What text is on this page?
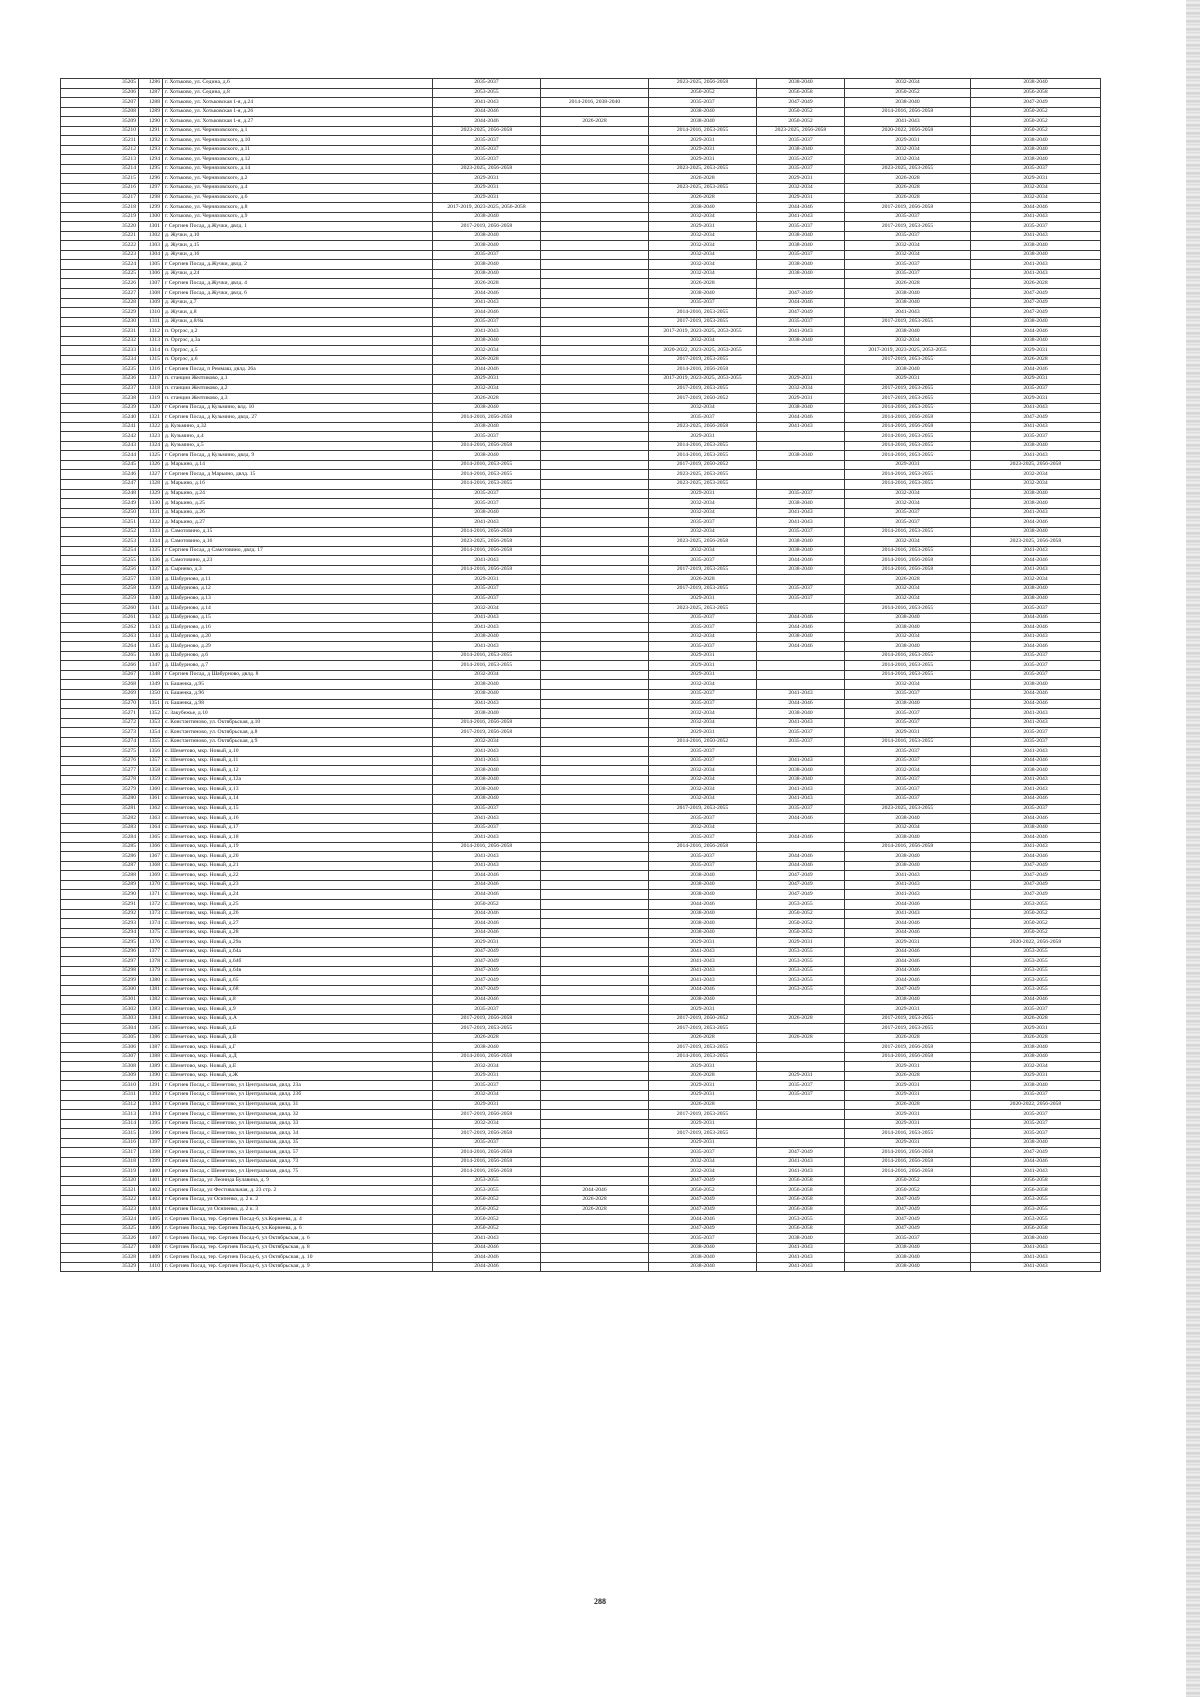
35205	1286	г. Хотьково, ул. Седина, д.6	2035-2037		2023-2025, 2056-2058	2038-2040	2032-2034	2038-2040
35206	1287	г. Хотьково, ул. Седина, д.8	2053-2055		2050-2052	2056-2058	2050-2052	2056-2058
35207	1288	г. Хотьково, ул. Хотьковская 1-я, д.24	2041-2043	2014-2016, 2038-2040	2035-2037	2047-2049	2038-2040	2047-2049
35208	1289	г. Хотьково, ул. Хотьковская 1-я, д.26	2044-2046		2038-2040	2050-2052	2014-2016, 2056-2058	2050-2052
35209	1290	г. Хотьково, ул. Хотьковская 1-я, д.27	2044-2046	2026-2028	2038-2040	2050-2052	2041-2043	2050-2052
35210	1291	г. Хотьково, ул. Черняховского, д.1	2023-2025, 2056-2058		2014-2016, 2053-2055	2023-2025, 2056-2058	2020-2022, 2056-2058	2050-2052
35211	1292	г. Хотьково, ул. Черняховского, д.10	2035-2037		2029-2031	2035-2037	2029-2031	2038-2040
35212	1293	г. Хотьково, ул. Черняховского, д.11	2035-2037		2029-2031	2038-2040	2032-2034	2038-2040
35213	1294	г. Хотьково, ул. Черняховского, д.12	2035-2037		2029-2031	2035-2037	2032-2034	2038-2040
35214	1295	г. Хотьково, ул. Черняховского, д.14	2023-2025, 2056-2058		2023-2025, 2053-2055	2035-2037	2023-2025, 2053-2055	2035-2037
35215	1296	г. Хотьково, ул. Черняховского, д.2	2029-2031		2026-2028	2029-2031	2026-2028	2029-2031
35216	1297	г. Хотьково, ул. Черняховского, д.4	2029-2031		2023-2025, 2053-2055	2032-2034	2026-2028	2032-2034
35217	1298	г. Хотьково, ул. Черняховского, д.6	2029-2031		2026-2028	2029-2031	2026-2028	2032-2034
35218	1299	г. Хотьково, ул. Черняховского, д.8	2017-2019, 2023-2025, 2056-2058		2038-2040	2044-2046	2017-2019, 2056-2058	2044-2046
35219	1300	г. Хотьково, ул. Черняховского, д.9	2038-2040		2032-2034	2041-2043	2035-2037	2041-2043
35220	1301	г Сергиев Посад, д.Жучки, двлд. 1	2017-2019, 2056-2058		2029-2031	2035-2037	2017-2019, 2053-2055	2035-2037
35221	1302	д. Жучки, д.10	2038-2040		2032-2034	2038-2040	2035-2037	2041-2043
35222	1303	д. Жучки, д.15	2038-2040		2032-2034	2038-2040	2032-2034	2038-2040
35223	1304	д. Жучки, д.16	2035-2037		2032-2034	2035-2037	2032-2034	2038-2040
35224	1305	г Сергиев Посад, д.Жучки, двлд. 2	2038-2040		2032-2034	2038-2040	2035-2037	2041-2043
35225	1306	д. Жучки, д.24	2038-2040		2032-2034	2038-2040	2035-2037	2041-2043
35226	1307	г Сергиев Посад, д.Жучки, двлд. 4	2026-2028		2026-2028		2026-2028	2026-2028
35227	1308	г Сергиев Посад, д.Жучки, двлд. 6	2044-2046		2038-2040	2047-2049	2038-2040	2047-2049
35228	1309	д. Жучки, д.7	2041-2043		2035-2037	2044-2046	2038-2040	2047-2049
35229	1310	д. Жучки, д.8	2044-2046		2014-2016, 2053-2055	2047-2049	2041-2043	2047-2049
35230	1311	д. Жучки, д.8/8а	2035-2037		2017-2019, 2053-2055	2035-2037	2017-2019, 2053-2055	2038-2040
35231	1312	п. Оргрэс, д.2	2041-2043		2017-2019, 2023-2025, 2053-2055	2041-2043	2038-2040	2044-2046
35232	1313	п. Оргрэс, д.3а	2038-2040		2032-2034	2038-2040	2032-2034	2038-2040
35233	1314	п. Оргрэс, д.5	2032-2034		2020-2022, 2023-2025, 2053-2055		2017-2019, 2023-2025, 2053-2055	2029-2031
35234	1315	п. Оргрэс, д.6	2026-2028		2017-2019, 2053-2055		2017-2019, 2053-2055	2026-2028
35235	1316	г Сергиев Посад, п Реммаш, двлд. 26а	2044-2046		2014-2016, 2056-2058		2038-2040	2044-2046
35236	1317	п. станции Желтиково, д.1	2029-2031		2017-2019, 2023-2025, 2053-2055	2029-2031	2029-2031	2029-2031
35237	1318	п. станции Желтиково, д.2	2032-2034		2017-2019, 2053-2055	2032-2034	2017-2019, 2053-2055	2035-2037
35238	1319	п. станции Желтиково, д.3	2026-2028		2017-2019, 2050-2052	2029-2031	2017-2019, 2053-2055	2029-2031
35239	1320	г Сергиев Посад, д Кузьмино, влд. 10	2038-2040		2032-2034	2038-2040	2014-2016, 2053-2055	2041-2043
35240	1321	г Сергиев Посад, д Кузьмино, двлд. 27	2014-2016, 2056-2058		2035-2037	2044-2046	2014-2016, 2056-2058	2047-2049
35241	1322	д. Кузьмино, д.32	2038-2040		2023-2025, 2056-2058	2041-2043	2014-2016, 2056-2058	2041-2043
35242	1323	д. Кузьмино, д.4	2035-2037		2029-2031		2014-2016, 2053-2055	2035-2037
35243	1324	д. Кузьмино, д.5	2014-2016, 2056-2058		2014-2016, 2053-2055		2014-2016, 2053-2055	2038-2040
35244	1325	г Сергиев Посад, д Кузьмино, двлд. 9	2038-2040		2014-2016, 2053-2055	2038-2040	2014-2016, 2053-2055	2041-2043
35245	1326	д. Марьино, д.14	2014-2016, 2053-2055		2017-2019, 2050-2052		2029-2031	2023-2025, 2056-2058
35246	1327	г Сергиев Посад, д Марьино, двлд. 15	2014-2016, 2053-2055		2023-2025, 2053-2055		2014-2016, 2053-2055	2032-2034
35247	1328	д. Марьино, д.16	2014-2016, 2053-2055		2023-2025, 2053-2055		2014-2016, 2053-2055	2032-2034
35248	1329	д. Марьино, д.24	2035-2037		2029-2031	2035-2037	2032-2034	2038-2040
35249	1330	д. Марьино, д.25	2035-2037		2032-2034	2038-2040	2032-2034	2038-2040
35250	1331	д. Марьино, д.26	2038-2040		2032-2034	2041-2043	2035-2037	2041-2043
35251	1332	д. Марьино, д.27	2041-2043		2035-2037	2041-2043	2035-2037	2044-2046
35252	1333	д. Самотовино, д.15	2014-2016, 2056-2058		2032-2034	2035-2037	2014-2016, 2053-2055	2038-2040
35253	1334	д. Самотовино, д.16	2023-2025, 2056-2058		2023-2025, 2056-2058	2038-2040	2032-2034	2023-2025, 2056-2058
35254	1335	г Сергиев Посад, д Самотовино, двлд. 17	2014-2016, 2056-2058		2032-2034	2038-2040	2014-2016, 2053-2055	2041-2043
35255	1336	д. Самотовино, д.23	2041-2043		2035-2037	2044-2046	2014-2016, 2056-2058	2044-2046
35256	1337	д. Сырнево, д.3	2014-2016, 2056-2058		2017-2019, 2053-2055	2038-2040	2014-2016, 2056-2058	2041-2043
35257	1338	д. Шабурново, д.11	2029-2031		2026-2028		2026-2028	2032-2034
35258	1339	д. Шабурново, д.12	2035-2037		2017-2019, 2053-2055	2035-2037	2032-2034	2038-2040
35259	1340	д. Шабурново, д.13	2035-2037		2029-2031	2035-2037	2032-2034	2038-2040
35260	1341	д. Шабурново, д.14	2032-2034		2023-2025, 2053-2055		2014-2016, 2053-2055	2035-2037
35261	1342	д. Шабурново, д.15	2041-2043		2035-2037	2044-2046	2038-2040	2044-2046
35262	1343	д. Шабурново, д.16	2041-2043		2035-2037	2044-2046	2038-2040	2044-2046
35263	1344	д. Шабурново, д.20	2038-2040		2032-2034	2038-2040	2032-2034	2041-2043
35264	1345	д. Шабурново, д.29	2041-2043		2035-2037	2044-2046	2038-2040	2044-2046
35265	1346	д. Шабурново, д.6	2014-2016, 2053-2055		2029-2031		2014-2016, 2053-2055	2035-2037
35266	1347	д. Шабурново, д.7	2014-2016, 2053-2055		2029-2031		2014-2016, 2053-2055	2035-2037
35267	1348	г Сергиев Посад, д Шабурново, двлд. 8	2032-2034		2029-2031		2014-2016, 2053-2055	2035-2037
35268	1349	п. Башенка, д.95	2038-2040		2032-2034		2032-2034	2038-2040
35269	1350	п. Башенка, д.96	2038-2040		2035-2037	2041-2043	2035-2037	2044-2046
35270	1351	п. Башенка, д.98	2041-2043		2035-2037	2044-2046	2038-2040	2044-2046
35271	1352	с. Закубежье, д.10	2038-2040		2032-2034	2038-2040	2035-2037	2041-2043
35272	1353	с. Константиново, ул. Октябрьская, д.10	2014-2016, 2056-2058		2032-2034	2041-2043	2035-2037	2041-2043
35273	1354	с. Константиново, ул. Октябрьская, д.8	2017-2019, 2056-2058		2029-2031	2035-2037	2029-2031	2035-2037
35274	1355	с. Константиново, ул. Октябрьская, д.9	2032-2034		2014-2016, 2050-2052	2035-2037	2014-2016, 2053-2055	2035-2037
35275	1356	с. Шеметово, мкр. Новый, д.10	2041-2043		2035-2037		2035-2037	2041-2043
35276	1357	с. Шеметово, мкр. Новый, д.11	2041-2043		2035-2037	2041-2043	2035-2037	2044-2046
35277	1358	с. Шеметово, мкр. Новый, д.12	2038-2040		2032-2034	2038-2040	2032-2034	2038-2040
35278	1359	с. Шеметово, мкр. Новый, д.12а	2038-2040		2032-2034	2038-2040	2035-2037	2041-2043
35279	1360	с. Шеметово, мкр. Новый, д.13	2038-2040		2032-2034	2041-2043	2035-2037	2041-2043
35280	1361	с. Шеметово, мкр. Новый, д.14	2038-2040		2032-2034	2041-2043	2035-2037	2044-2046
35281	1362	с. Шеметово, мкр. Новый, д.15	2035-2037		2017-2019, 2053-2055	2035-2037	2023-2025, 2053-2055	2035-2037
35282	1363	с. Шеметово, мкр. Новый, д.16	2041-2043		2035-2037	2044-2046	2038-2040	2044-2046
35283	1364	с. Шеметово, мкр. Новый, д.17	2035-2037		2032-2034		2032-2034	2038-2040
35284	1365	с. Шеметово, мкр. Новый, д.18	2041-2043		2035-2037	2044-2046	2038-2040	2044-2046
35285	1366	с. Шеметово, мкр. Новый, д.19	2014-2016, 2056-2058		2014-2016, 2056-2058		2014-2016, 2056-2058	2041-2043
35286	1367	с. Шеметово, мкр. Новый, д.20	2041-2043		2035-2037	2044-2046	2038-2040	2044-2046
35287	1368	с. Шеметово, мкр. Новый, д.21	2041-2043		2035-2037	2044-2046	2038-2040	2047-2049
35288	1369	с. Шеметово, мкр. Новый, д.22	2044-2046		2038-2040	2047-2049	2041-2043	2047-2049
35289	1370	с. Шеметово, мкр. Новый, д.23	2044-2046		2038-2040	2047-2049	2041-2043	2047-2049
35290	1371	с. Шеметово, мкр. Новый, д.24	2044-2046		2038-2040	2047-2049	2041-2043	2047-2049
35291	1372	с. Шеметово, мкр. Новый, д.25	2050-2052		2044-2046	2053-2055	2044-2046	2053-2055
35292	1373	с. Шеметово, мкр. Новый, д.26	2044-2046		2038-2040	2050-2052	2041-2043	2050-2052
35293	1374	с. Шеметово, мкр. Новый, д.27	2044-2046		2038-2040	2050-2052	2044-2046	2050-2052
35294	1375	с. Шеметово, мкр. Новый, д.28	2044-2046		2038-2040	2050-2052	2044-2046	2050-2052
35295	1376	с. Шеметово, мкр. Новый, д.29а	2029-2031		2029-2031	2029-2031	2029-2031	2020-2022, 2056-2058
35296	1377	с. Шеметово, мкр. Новый, д.64а	2047-2049		2041-2043	2053-2055	2044-2046	2053-2055
35297	1378	с. Шеметово, мкр. Новый, д.64б	2047-2049		2041-2043	2053-2055	2044-2046	2053-2055
35298	1379	с. Шеметово, мкр. Новый, д.64в	2047-2049		2041-2043	2053-2055	2044-2046	2053-2055
35299	1380	с. Шеметово, мкр. Новый, д.65	2047-2049		2041-2043	2053-2055	2044-2046	2053-2055
35300	1381	с. Шеметово, мкр. Новый, д.68	2047-2049		2044-2046	2053-2055	2047-2049	2053-2055
35301	1382	с. Шеметово, мкр. Новый, д.8	2044-2046		2038-2040		2038-2040	2044-2046
35302	1383	с. Шеметово, мкр. Новый, д.9	2035-2037		2029-2031		2029-2031	2035-2037
35303	1384	с. Шеметово, мкр. Новый, д.А	2017-2019, 2056-2058		2017-2019, 2050-2052	2026-2028	2017-2019, 2053-2055	2026-2028
35304	1385	с. Шеметово, мкр. Новый, д.Б	2017-2019, 2053-2055		2017-2019, 2053-2055		2017-2019, 2053-2055	2029-2031
35305	1386	с. Шеметово, мкр. Новый, д.В	2026-2028		2026-2028	2026-2028	2026-2028	2026-2028
35306	1387	с. Шеметово, мкр. Новый, д.Г	2038-2040		2017-2019, 2053-2055		2017-2019, 2056-2058	2038-2040
35307	1388	с. Шеметово, мкр. Новый, д.Д	2014-2016, 2056-2058		2014-2016, 2053-2055		2014-2016, 2056-2058	2038-2040
35308	1389	с. Шеметово, мкр. Новый, д.Е	2032-2034		2029-2031		2029-2031	2032-2034
35309	1390	с. Шеметово, мкр. Новый, д.Ж	2029-2031		2026-2028	2029-2031	2026-2028	2029-2031
35310	1391	г Сергиев Посад, с Шеметово, ул Центральная, двлд. 23а	2035-2037		2029-2031	2035-2037	2029-2031	2038-2040
35311	1392	г Сергиев Посад, с Шеметово, ул Центральная, двлд. 23б	2032-2034		2029-2031	2035-2037	2029-2031	2035-2037
35312	1393	г Сергиев Посад, с Шеметово, ул Центральная, двлд. 31	2029-2031		2026-2028		2026-2028	2020-2022, 2056-2058
35313	1394	г Сергиев Посад, с Шеметово, ул Центральная, двлд. 32	2017-2019, 2056-2058		2017-2019, 2053-2055		2029-2031	2035-2037
35314	1395	г Сергиев Посад, с Шеметово, ул Центральная, двлд. 33	2032-2034		2029-2031		2029-2031	2035-2037
35315	1396	г Сергиев Посад, с Шеметово, ул Центральная, двлд. 34	2017-2019, 2056-2058		2017-2019, 2053-2055		2014-2016, 2053-2055	2035-2037
35316	1397	г Сергиев Посад, с Шеметово, ул Центральная, двлд. 35	2035-2037		2029-2031		2029-2031	2038-2040
35317	1398	г Сергиев Посад, с Шеметово, ул Центральная, двлд. 57	2014-2016, 2056-2058		2035-2037	2047-2049	2014-2016, 2056-2058	2047-2049
35318	1399	г Сергиев Посад, с Шеметово, ул Центральная, двлд. 73	2014-2016, 2056-2058		2032-2034	2041-2043	2014-2016, 2056-2058	2044-2046
35319	1400	г Сергиев Посад, с Шеметово, ул Центральная, двлд. 75	2014-2016, 2056-2058		2032-2034	2041-2043	2014-2016, 2056-2058	2041-2043
35320	1401	г Сергиев Посад, ул Леонида Булавина, д. 9	2053-2055		2047-2049	2056-2058	2050-2052	2056-2058
35321	1402	г Сергиев Посад, ул Фестивальная, д. 23 стр. 2	2053-2055	2044-2046	2050-2052	2056-2058	2050-2052	2056-2058
35322	1403	г Сергиев Посад, ул Осипенко, д. 2 к. 2	2050-2052	2026-2028	2047-2049	2056-2058	2047-2049	2053-2055
35323	1404	г Сергиев Посад, ул Осипенко, д. 2 к. 3	2050-2052	2026-2028	2047-2049	2056-2058	2047-2049	2053-2055
35324	1405	г. Сергиев Посад, тер. Сергиев Посад-6, ул.Корнеева, д. 4	2050-2052		2044-2046	2053-2055	2047-2049	2053-2055
35325	1406	г. Сергиев Посад, тер. Сергиев Посад-6, ул.Корнеева, д. 6	2050-2052		2047-2049	2056-2058	2047-2049	2056-2058
35326	1407	г. Сергиев Посад, тер. Сергиев Посад-6, ул Октябрьская, д. 6	2041-2043		2035-2037	2038-2040	2035-2037	2038-2040
35327	1408	г. Сергиев Посад, тер. Сергиев Посад-6, ул Октябрьская, д. 8	2044-2046		2038-2040	2041-2043	2038-2040	2041-2043
35328	1409	г. Сергиев Посад, тер. Сергиев Посад-6, ул Октябрьская, д. 10	2044-2046		2038-2040	2041-2043	2038-2040	2041-2043
35329	1410	г. Сергиев Посад, тер. Сергиев Посад-6, ул Октябрьская, д. 9	2044-2046		2038-2040	2041-2043	2038-2040	2041-2043
288
